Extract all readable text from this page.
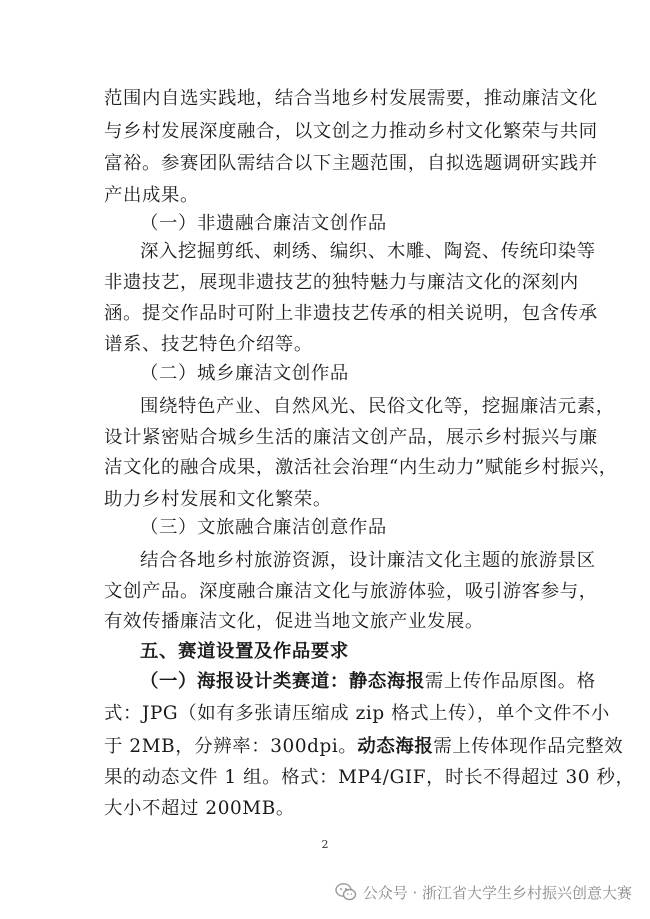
范围内自选实践地，结合当地乡村发展需要，推动廉洁文化
与乡村发展深度融合，以文创之力推动乡村文化繁荣与共同
富裕。参赛团队需结合以下主题范围，自拟选题调研实践并
产出成果。
（一）非遗融合廉洁文创作品
深入挖掘剪纸、刺绣、编织、木雕、陶瓷、传统印染等
非遗技艺，展现非遗技艺的独特魅力与廉洁文化的深刻内
涵。提交作品时可附上非遗技艺传承的相关说明，包含传承
谱系、技艺特色介绍等。
（二）城乡廉洁文创作品
围绕特色产业、自然风光、民俗文化等，挖掘廉洁元素，
设计紧密贴合城乡生活的廉洁文创产品，展示乡村振兴与廉
洁文化的融合成果，激活社会治理“内生动力”赋能乡村振兴，
助力乡村发展和文化繁荣。
（三）文旅融合廉洁创意作品
结合各地乡村旅游资源，设计廉洁文化主题的旅游景区
文创产品。深度融合廉洁文化与旅游体验，吸引游客参与，
有效传播廉洁文化，促进当地文旅产业发展。
五、赛道设置及作品要求
（一）海报设计类赛道：静态海报需上传作品原图。格
式：JPG（如有多张请压缩成 zip 格式上传），单个文件不小
于 2MB，分辨率：300dpi。动态海报需上传体现作品完整效
果的动态文件 1 组。格式：MP4/GIF，时长不得超过 30 秒，
大小不超过 200MB。
2
公众号 · 浙江省大学生乡村振兴创意大赛
